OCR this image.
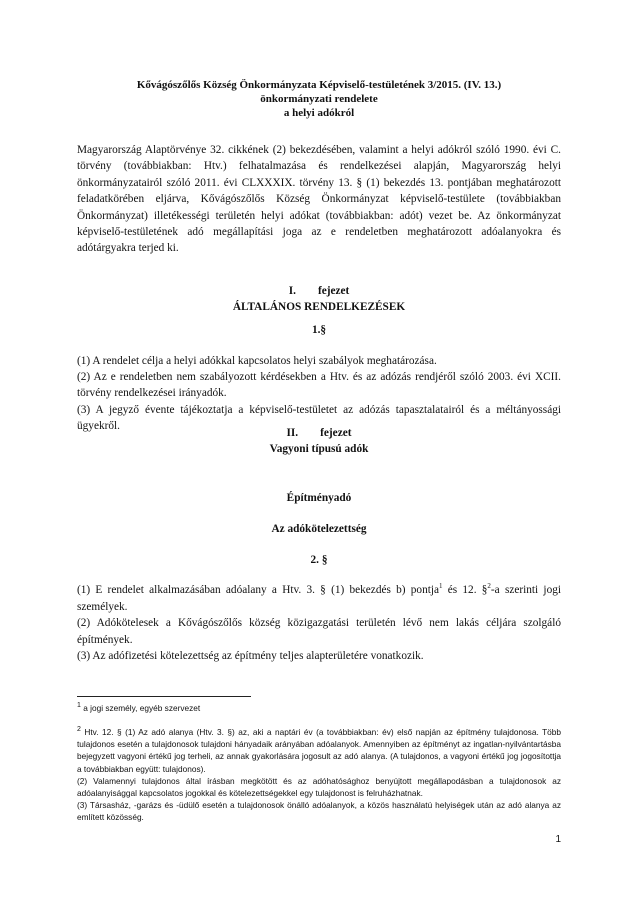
Kővágószőlős Község Önkormányzata Képviselő-testületének 3/2015. (IV. 13.)
önkormányzati rendelete
a helyi adókról
Magyarország Alaptörvénye 32. cikkének (2) bekezdésében, valamint a helyi adókról szóló 1990. évi C. törvény (továbbiakban: Htv.) felhatalmazása és rendelkezései alapján, Magyarország helyi önkormányzatairól szóló 2011. évi CLXXXIX. törvény 13. § (1) bekezdés 13. pontjában meghatározott feladatkörében eljárva, Kővágószőlős Község Önkormányzat képviselő-testülete (továbbiakban Önkormányzat) illetékességi területén helyi adókat (továbbiakban: adót) vezet be. Az önkormányzat képviselő-testületének adó megállapítási joga az e rendeletben meghatározott adóalanyokra és adótárgyakra terjed ki.
I. fejezet
ÁLTALÁNOS RENDELKEZÉSEK
1.§
(1) A rendelet célja a helyi adókkal kapcsolatos helyi szabályok meghatározása.
(2) Az e rendeletben nem szabályozott kérdésekben a Htv. és az adózás rendjéről szóló 2003. évi XCII. törvény rendelkezései irányadók.
(3) A jegyző évente tájékoztatja a képviselő-testületet az adózás tapasztalatairól és a méltányossági ügyekről.
II. fejezet
Vagyoni típusú adók
Építményadó
Az adókötelezettség
2. §
(1) E rendelet alkalmazásában adóalany a Htv. 3. § (1) bekezdés b) pontja$^1$ és 12. §$^2$-a szerinti jogi személyek.
(2) Adókötelesek a Kővágószőlős község közigazgatási területén lévő nem lakás céljára szolgáló építmények.
(3) Az adófizetési kötelezettség az építmény teljes alapterületére vonatkozik.
$^1$ a jogi személy, egyéb szervezet
$^2$ Htv. 12. § (1) Az adó alanya (Htv. 3. §) az, aki a naptári év (a továbbiakban: év) első napján az építmény tulajdonosa. Több tulajdonos esetén a tulajdonosok tulajdoni hányadaik arányában adóalanyok. Amennyiben az építményt az ingatlan-nyilvántartásba bejegyzett vagyoni értékű jog terheli, az annak gyakorlására jogosult az adó alanya. (A tulajdonos, a vagyoni értékű jog jogosítottja a továbbiakban együtt: tulajdonos).
(2) Valamennyi tulajdonos által írásban megkötött és az adóhatósághoz benyújtott megállapodásban a tulajdonosok az adóalanyisággal kapcsolatos jogokkal és kötelezettségekkel egy tulajdonost is felruházhatnak.
(3) Társasház, -garázs és -üdülő esetén a tulajdonosok önálló adóalanyok, a közös használatú helyiségek után az adó alanya az említett közösség.
1
